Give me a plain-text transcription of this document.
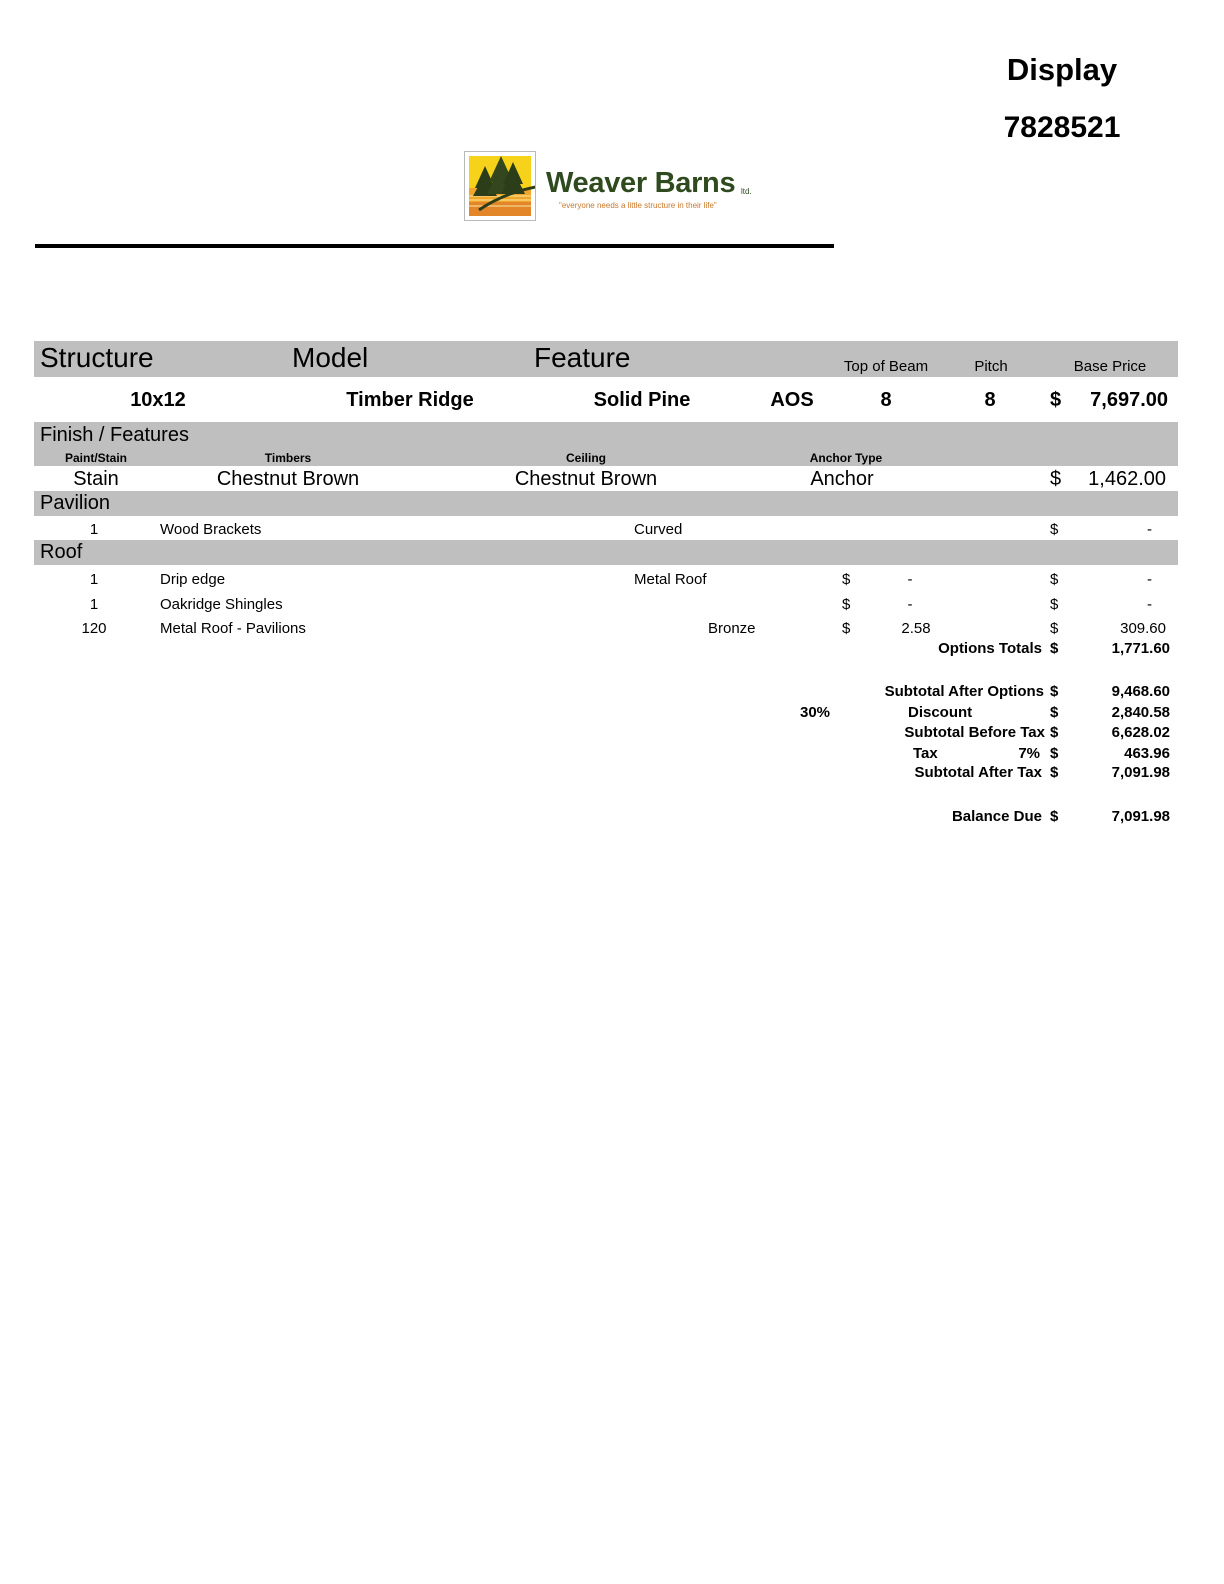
Display
7828521
Weaver Barns ltd.
"everyone needs a little structure in their life"
Structure	Model	Feature	Top of Beam	Pitch	Base Price
10x12	Timber Ridge	Solid Pine	AOS	8	8	$	7,697.00
Finish / Features
Paint/Stain	Timbers	Ceiling	Anchor Type
Stain	Chestnut Brown	Chestnut Brown	Anchor	$	1,462.00
Pavilion
1	Wood Brackets	Curved	$	-
Roof
1	Drip edge	Metal Roof	$	-	$	-
1	Oakridge Shingles	$	-	$	-
120	Metal Roof - Pavilions	Bronze	$	2.58	$	309.60
Options Totals $	1,771.60
Subtotal After Options $	9,468.60
30%	Discount	$	2,840.58
Subtotal Before Tax $	6,628.02
Tax	7% $	463.96
Subtotal After Tax $	7,091.98
Balance Due $	7,091.98
